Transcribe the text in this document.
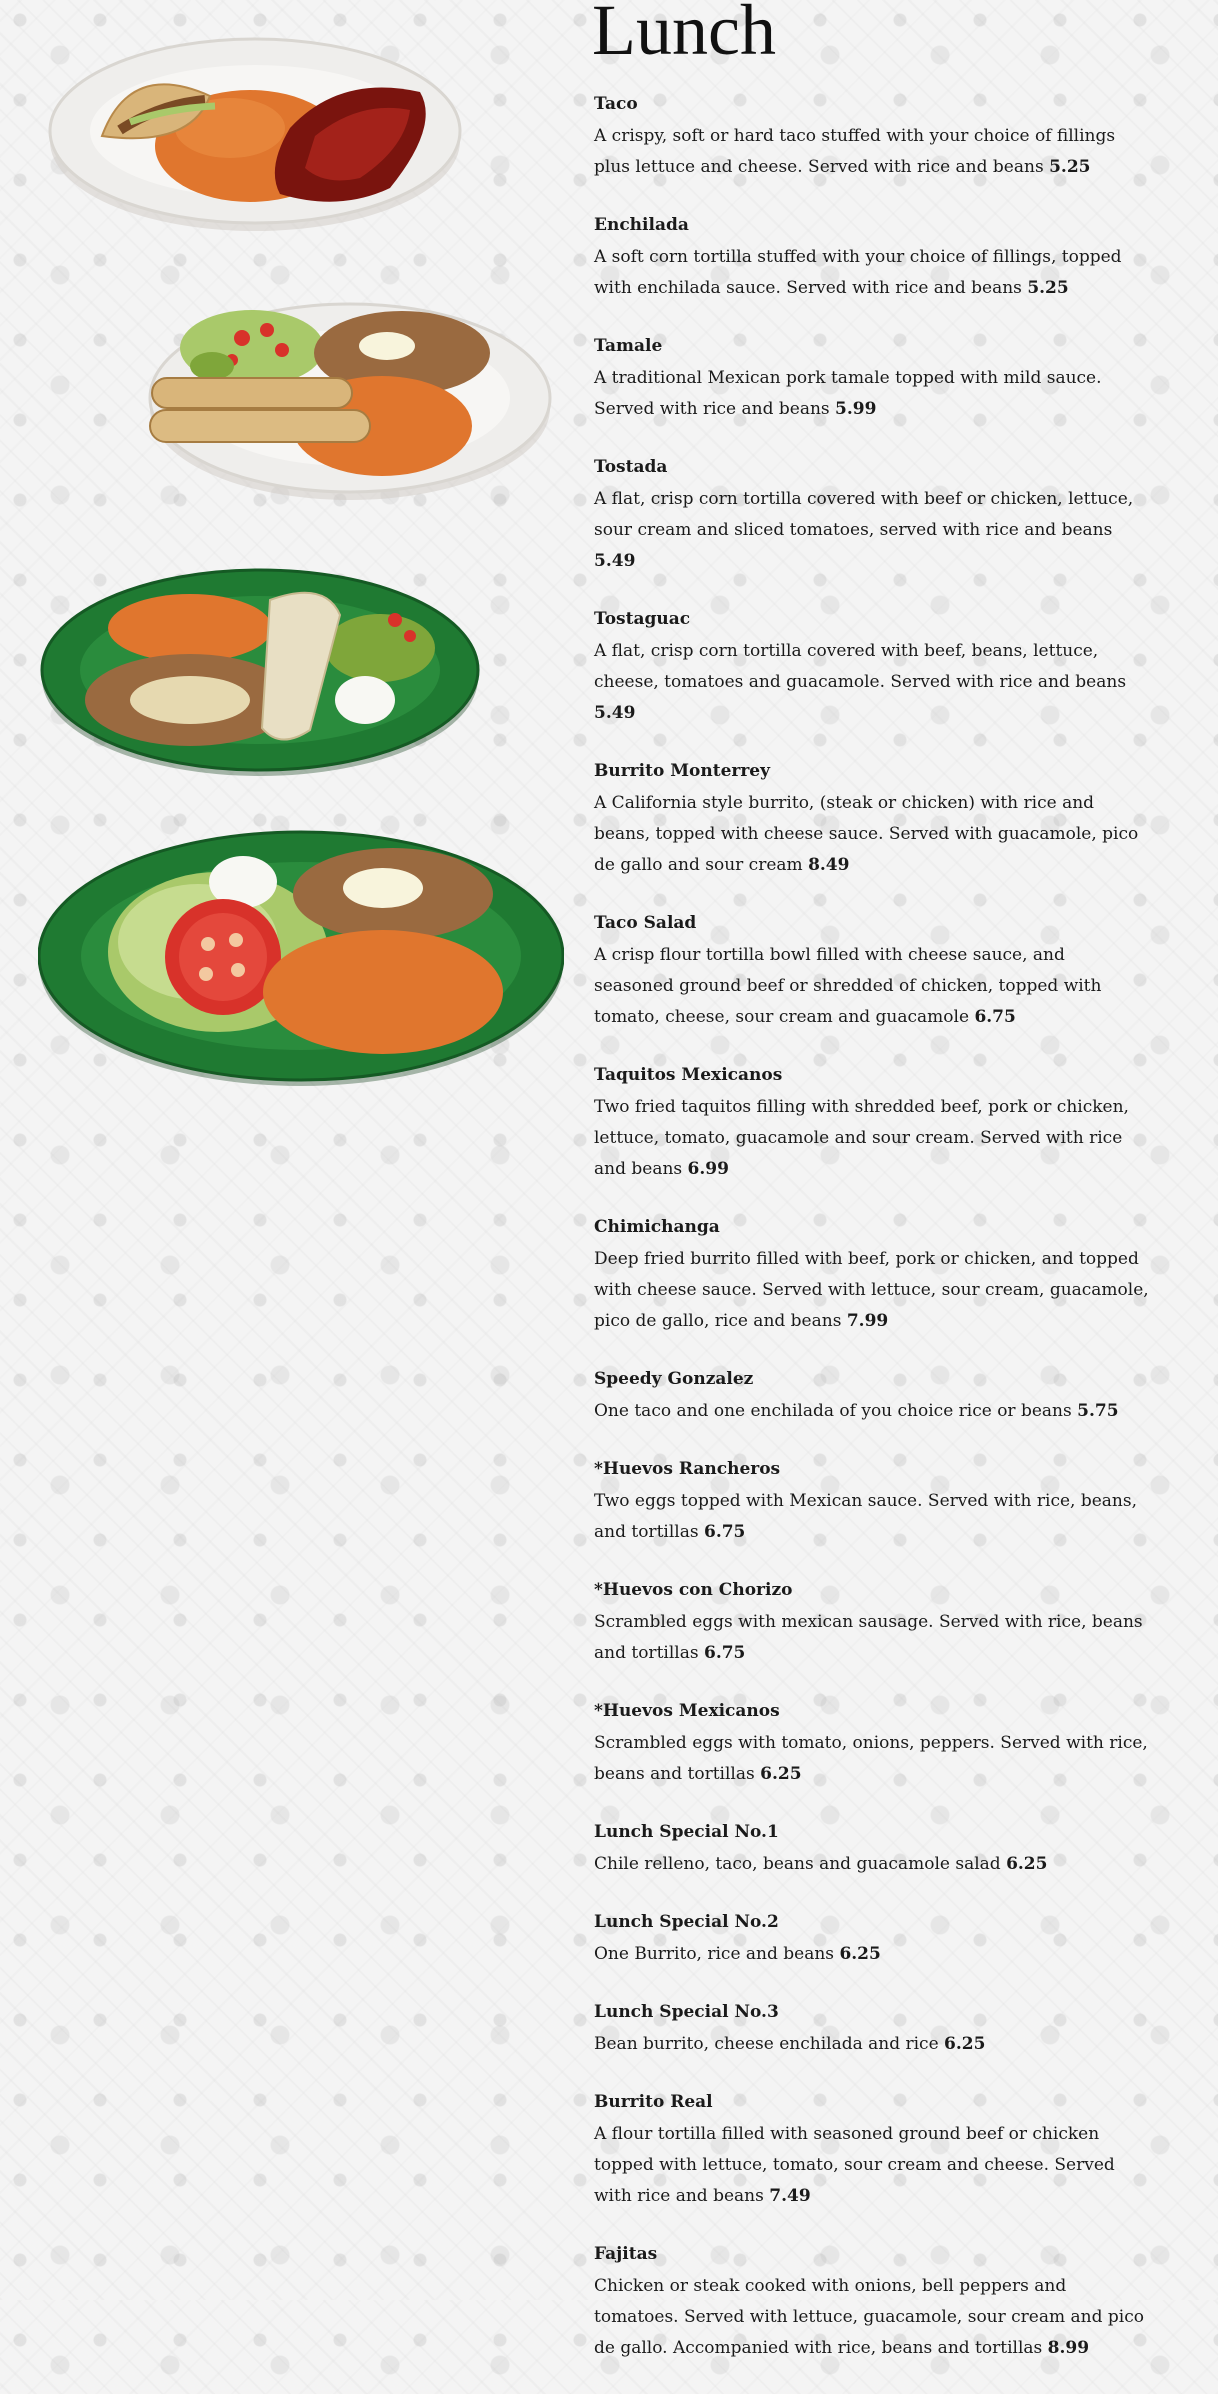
Lunch
Taco

A crispy, soft or hard taco stuffed with your choice of fillings plus lettuce and cheese. Served with rice and beans 5.25

Enchilada

A soft corn tortilla stuffed with your choice of fillings, topped with enchilada sauce. Served with rice and beans 5.25

Tamale

A traditional Mexican pork tamale topped with mild sauce. Served with rice and beans 5.99

Tostada

A flat, crisp corn tortilla covered with beef or chicken, lettuce, sour cream and sliced tomatoes, served with rice and beans 5.49

Tostaguac

A flat, crisp corn tortilla covered with beef, beans, lettuce, cheese, tomatoes and guacamole. Served with rice and beans 5.49

Burrito Monterrey

A California style burrito, (steak or chicken) with rice and beans, topped with cheese sauce. Served with guacamole, pico de gallo and sour cream 8.49

Taco Salad

A crisp flour tortilla bowl filled with cheese sauce, and seasoned ground beef or shredded of chicken, topped with tomato, cheese, sour cream and guacamole 6.75

Taquitos Mexicanos

Two fried taquitos filling with shredded beef, pork or chicken, lettuce, tomato, guacamole and sour cream. Served with rice and beans 6.99

Chimichanga

Deep fried burrito filled with beef, pork or chicken, and topped with cheese sauce. Served with lettuce, sour cream, guacamole, pico de gallo, rice and beans 7.99

Speedy Gonzalez

One taco and one enchilada of you choice rice or beans 5.75

*Huevos Rancheros

Two eggs topped with Mexican sauce. Served with rice, beans, and tortillas 6.75

*Huevos con Chorizo

Scrambled eggs with mexican sausage. Served with rice, beans and tortillas 6.75

*Huevos Mexicanos

Scrambled eggs with tomato, onions, peppers. Served with rice, beans and tortillas 6.25

Lunch Special No.1

Chile relleno, taco, beans and guacamole salad 6.25

Lunch Special No.2

One Burrito, rice and beans 6.25

Lunch Special No.3

Bean burrito, cheese enchilada and rice 6.25

Burrito Real

A flour tortilla filled with seasoned ground beef or chicken topped with lettuce, tomato, sour cream and cheese. Served with rice and beans 7.49

Fajitas

Chicken or steak cooked with onions, bell peppers and tomatoes. Served with lettuce, guacamole, sour cream and pico de gallo. Accompanied with rice, beans and tortillas 8.99
